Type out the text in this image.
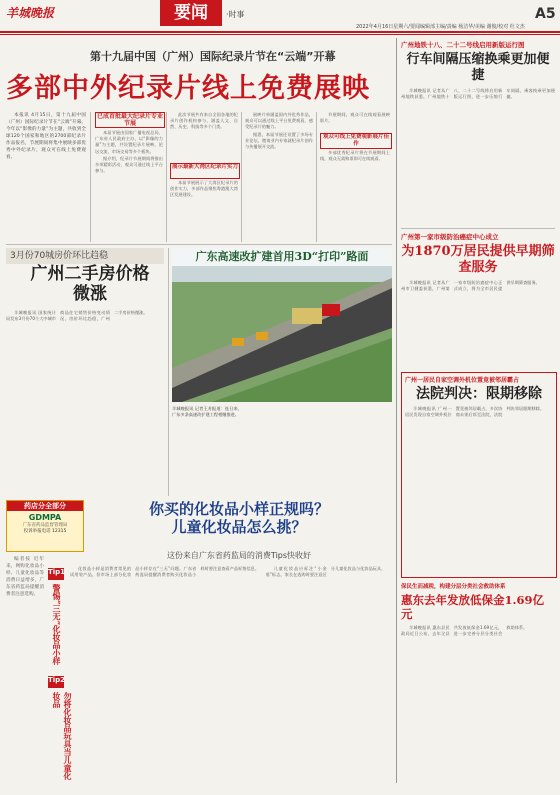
羊城晚报	要闻	·时事
2022年4月16日星期六/要闻编辑部主编/责编 杨洁华/美编 谢俊/校对 杜文杰
A5
第十九届中国（广州）国际纪录片节在“云端”开幕
多部中外纪录片线上免费展映

本报讯 4月15日，第十九届中国（广州）国际纪录片节在“云端”开幕，今年以“影像的力量”为主题，共收到全球120个国家和地区的2700部纪录片作品报名，节展期间将集中展映多部优秀中外纪录片，观众可在线上免费观看。

已成首批最大纪录片专业节展

本届节展由国家广播电视总局、广东省人民政府主办，以“影像的力量”为主题，共设置纪录片展映、论坛交流、市场交易等多个板块。

据介绍，纪录片节展期间将推出多项精彩活动，观众可通过线上平台参与。

此次节展共有来自全国各地的纪录片创作机构参与，涵盖人文、自然、历史、科技等多个门类。

展示最新大湾区纪录片实力

本届节展展示了大湾区纪录片的创作实力，多部作品聚焦粤港澳大湾区发展建设。

展映片单涵盖国内外优秀作品，观众可以通过线上平台免费观看，感受纪录片的魅力。

据悉，本届节展还设置了多场专业论坛，邀请业内专家就纪录片创作与传播展开交流。

节展期间，观众可在线观看展映影片。

观众可线上免费观影展片佳作

多部优秀纪录片将在节展期间上线，观众无需购票即可在线观看。

广州地铁十八、二十二号线启用新版运行图
行车间隔压缩换乘更加便捷

羊城晚报讯 记者从广州地铁获悉，广州地铁十八、二十二号线将启用新版运行图，进一步压缩行车间隔，乘客换乘更加便捷。

广州第一家市级防治癌症中心成立
为1870万居民提供早期筛查服务

羊城晚报讯 记者从广州市卫健委获悉，广州第一家市级防治癌症中心正式成立，将为全市居民提供早期筛查服务。

广州一居民自家空调外机位置竟被邻居霸占
法院判决：限期移除

羊城晚报讯 广州一居民发现自家空调外机位置竟被邻居霸占，多次协商未果后诉至法院，法院判决邻居限期移除。

保民生而减税，构建分层分类社会救助体系
惠东去年发放低保金1.69亿元

羊城晚报讯 惠东县民政局近日公布，去年全县共发放低保金1.69亿元，进一步完善分层分类社会救助体系。

3月份70城房价环比趋稳
广州二手房价格微涨

羊城晚报讯 国家统计局发布3月份70个大中城市商品住宅销售价格变动情况，房价环比趋稳，广州二手房价格微涨。

广东高速改扩建首用3D“打印”路面
羊城晚报讯 记者王芳报道：连日来，广东多条高速改扩建工程相继推进。
药店分全部分
GDMPA
广东省药品监督管理局
投诉举报电话 12315

编者按 近年来，网购化妆品小样、儿童化妆品等消费日益增多，广东省药监局提醒消费者注意选购。

你买的化妆品小样正规吗？
儿童化妆品怎么挑？
这份来自广东省药监局的消费Tips快收好
Tip1
警惕“三无”化妆品小样
Tip2
勿将化妆品玩具当儿童化妆品

化妆品小样是消费者常见的试用装产品，但市场上部分化妆品小样存在“三无”问题。广东省药监局提醒消费者购买化妆品小样时要注意查看产品标签信息。	儿童化妆品应标注“小金盾”标志，家长在选购时要注意区分儿童化妆品与化妆品玩具。
